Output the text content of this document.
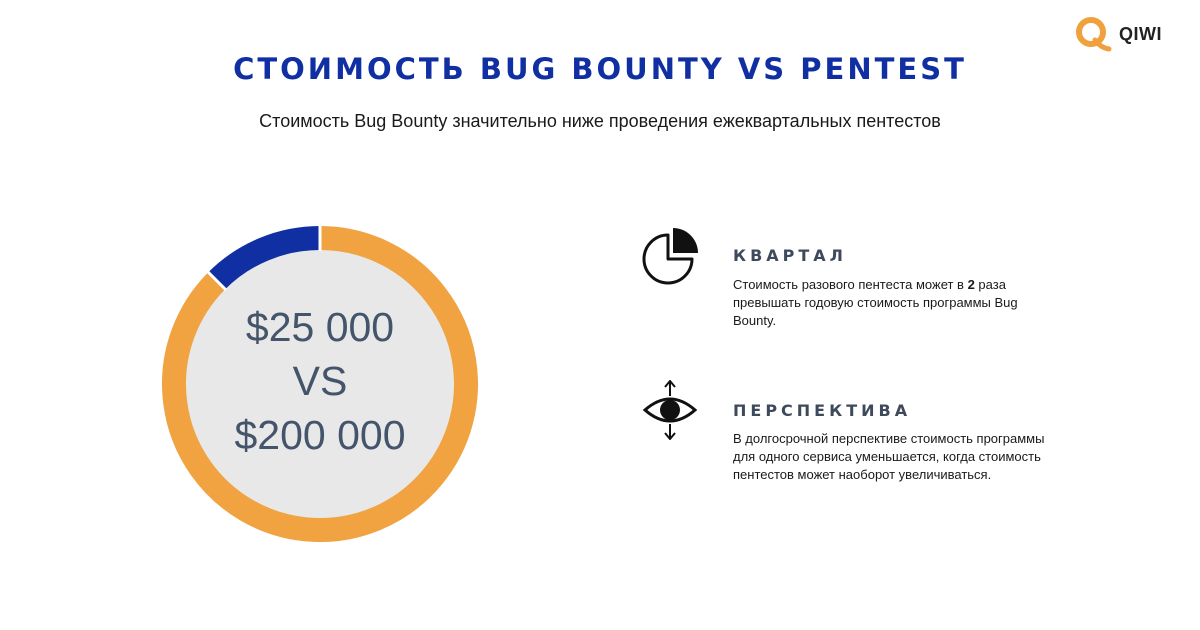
QIWI
СТОИМОСТЬ BUG BOUNTY VS PENTEST
Стоимость Bug Bounty значительно ниже проведения ежеквартальных пентестов
$25 000
VS
$200 000
КВАРТАЛ

Стоимость разового пентеста может в 2 раза превышать годовую стоимость программы Bug Bounty.

ПЕРСПЕКТИВА

В долгосрочной перспективе стоимость программы для одного сервиса уменьшается, когда стоимость пентестов может наоборот увеличиваться.
